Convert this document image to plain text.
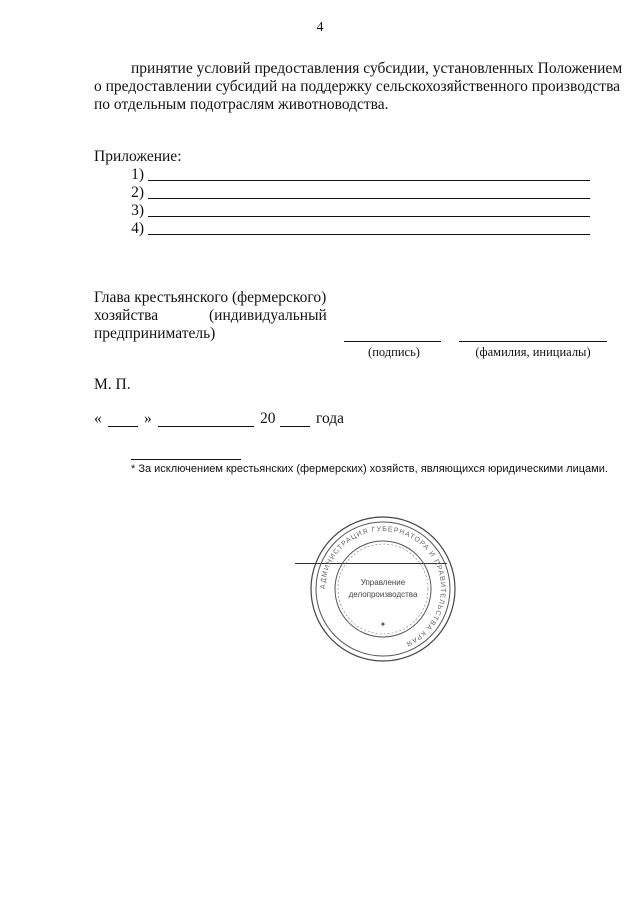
4
принятие условий предоставления субсидии, установленных Положением
о предоставлении субсидий на поддержку сельскохозяйственного производства
по отдельным подотраслям животноводства.
Приложение:
1)
2)
3)
4)
Глава крестьянского (фермерского)
хозяйства	(индивидуальный
предприниматель)
(подпись)	(фамилия, инициалы)
М. П.
«	»	20	года
* За исключением крестьянских (фермерских) хозяйств, являющихся юридическими лицами.
АДМИНИСТРАЦИЯ ГУБЕРНАТОРА И ПРАВИТЕЛЬСТВА КРАЯ
Управление
делопроизводства
✦
